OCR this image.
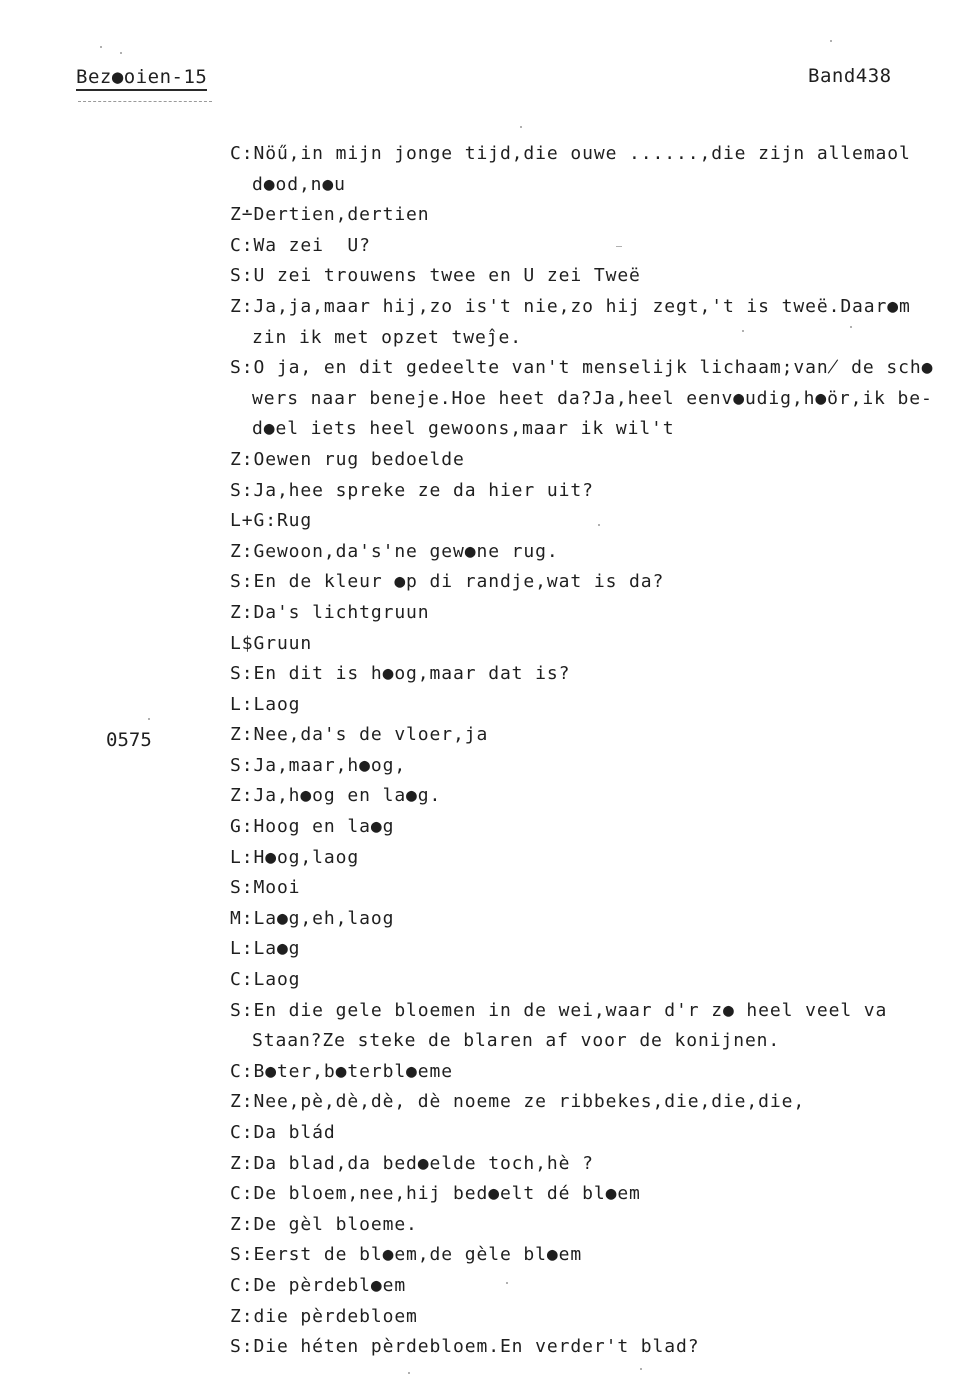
Bez●oien-15	Band438
0575
C:Nöű,in mijn jonge tijd,die ouwe ......,die zijn allemaol
d●od,n●u
Z∸Dertien,dertien
C:Wa zei  U?
S:U zei trouwens twee en U zei Tweë
Z:Ja,ja,maar hij,zo is't nie,zo hij zegt,'t is tweë.Daar●m
zin ik met opzet tweĵe.
S:O ja, en dit gedeelte van't menselijk lichaam;van̸ de sch●
wers naar beneje.Hoe heet da?Ja,heel eenv●udig,h●ör,ik be-
d●el iets heel gewoons,maar ik wil't
Z:Oewen rug bedoelde
S:Ja,hee spreke ze da hier uit?
L+G:Rug
Z:Gewoon,da's'ne gew●ne rug.
S:En de kleur ●p di randje,wat is da?
Z:Da's lichtgruun
L$Gruun
S:En dit is h●og,maar dat is?
L:Laog
Z:Nee,da's de vloer,ja
S:Ja,maar,h●og,
Z:Ja,h●og en la●g.
G:Hoog en la●g
L:H●og,laog
S:Mooi
M:La●g,eh,laog
L:La●g
C:Laog
S:En die gele bloemen in de wei,waar d'r z● heel veel va
Staan?Ze steke de blaren af voor de konijnen.
C:B●ter,b●terbl●eme
Z:Nee,pè,dè,dè, dè noeme ze ribbekes,die,die,die,
C:Da blád
Z:Da blad,da bed●elde toch,hè ?
C:De bloem,nee,hij bed●elt dé bl●em
Z:De gèl bloeme.
S:Eerst de bl●em,de gèle bl●em
C:De pèrdebl●em
Z:die pèrdebloem
S:Die héten pèrdebloem.En verder't blad?
